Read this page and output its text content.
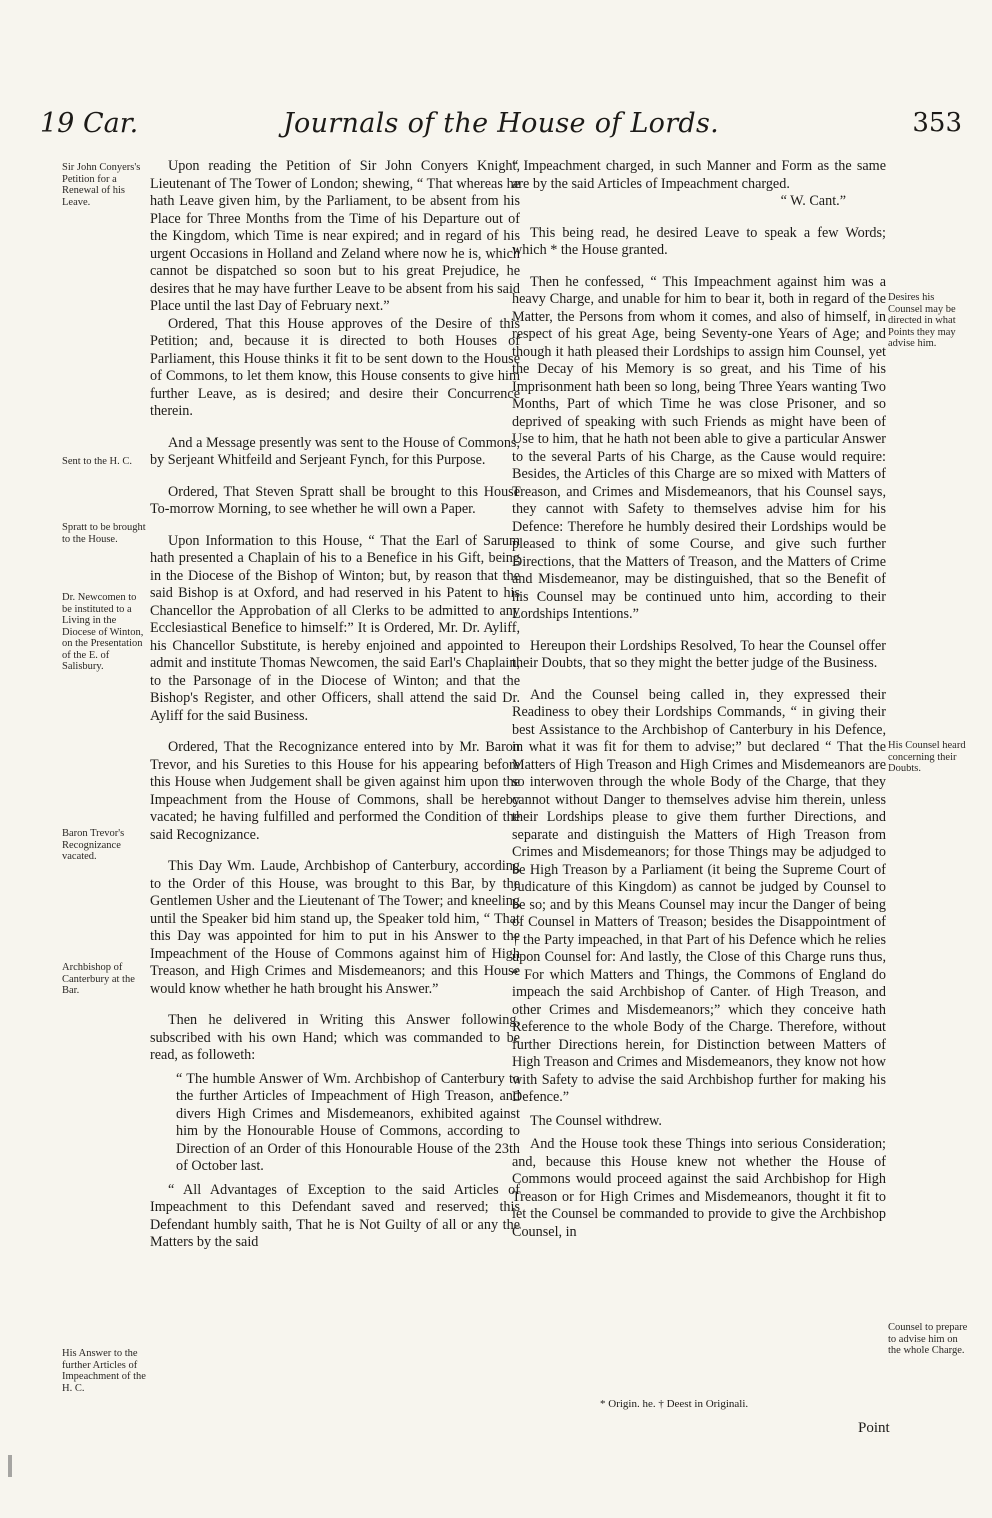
19 Car.	Journals of the House of Lords.	353
Sir John Conyers's Petition for a Renewal of his Leave.
Sent to the H. C.
Spratt to be brought to the House.
Dr. Newcomen to be instituted to a Living in the Diocese of Winton, on the Presentation of the E. of Salisbury.
Baron Trevor's Recognizance vacated.
Archbishop of Canterbury at the Bar.
His Answer to the further Articles of Impeachment of the H. C.
Desires his Counsel may be directed in what Points they may advise him.
His Counsel heard concerning their Doubts.
Counsel to prepare to advise him on the whole Charge.

Upon reading the Petition of Sir John Conyers Knight, Lieutenant of The Tower of London; shewing, “ That whereas he hath Leave given him, by the Parliament, to be absent from his Place for Three Months from the Time of his Departure out of the Kingdom, which Time is near expired; and in regard of his urgent Occasions in Holland and Zeland where now he is, which cannot be dispatched so soon but to his great Prejudice, he desires that he may have further Leave to be absent from his said Place until the last Day of February next.”

Ordered, That this House approves of the Desire of this Petition; and, because it is directed to both Houses of Parliament, this House thinks it fit to be sent down to the House of Commons, to let them know, this House consents to give him further Leave, as is desired; and desire their Concurrence therein.

And a Message presently was sent to the House of Commons, by Serjeant Whitfeild and Serjeant Fynch, for this Purpose.

Ordered, That Steven Spratt shall be brought to this House To-morrow Morning, to see whether he will own a Paper.

Upon Information to this House, “ That the Earl of Sarum hath presented a Chaplain of his to a Benefice in his Gift, being in the Diocese of the Bishop of Winton; but, by reason that the said Bishop is at Oxford, and had reserved in his Patent to his Chancellor the Approbation of all Clerks to be admitted to any Ecclesiastical Benefice to himself:” It is Ordered, Mr. Dr. Ayliff, his Chancellor Substitute, is hereby enjoined and appointed to admit and institute Thomas Newcomen, the said Earl's Chaplain, to the Parsonage of in the Diocese of Winton; and that the Bishop's Register, and other Officers, shall attend the said Dr. Ayliff for the said Business.

Ordered, That the Recognizance entered into by Mr. Baron Trevor, and his Sureties to this House for his appearing before this House when Judgement shall be given against him upon the Impeachment from the House of Commons, shall be hereby vacated; he having fulfilled and performed the Condition of the said Recognizance.

This Day Wm. Laude, Archbishop of Canterbury, according to the Order of this House, was brought to this Bar, by the Gentlemen Usher and the Lieutenant of The Tower; and kneeling until the Speaker bid him stand up, the Speaker told him, “ That this Day was appointed for him to put in his Answer to the Impeachment of the House of Commons against him of High Treason, and High Crimes and Misdemeanors; and this House would know whether he hath brought his Answer.”

Then he delivered in Writing this Answer following, subscribed with his own Hand; which was commanded to be read, as followeth:

“ The humble Answer of Wm. Archbishop of Canterbury to the further Articles of Impeachment of High Treason, and divers High Crimes and Misdemeanors, exhibited against him by the Honourable House of Commons, according to Direction of an Order of this Honourable House of the 23th of October last.

“ All Advantages of Exception to the said Articles of Impeachment to this Defendant saved and reserved; this Defendant humbly saith, That he is Not Guilty of all or any the Matters by the said

“ Impeachment charged, in such Manner and Form as the same are by the said Articles of Impeachment charged.

“ W. Cant.”

This being read, he desired Leave to speak a few Words; which * the House granted.

Then he confessed, “ This Impeachment against him was a heavy Charge, and unable for him to bear it, both in regard of the Matter, the Persons from whom it comes, and also of himself, in respect of his great Age, being Seventy-one Years of Age; and though it hath pleased their Lordships to assign him Counsel, yet the Decay of his Memory is so great, and his Time of his Imprisonment hath been so long, being Three Years wanting Two Months, Part of which Time he was close Prisoner, and so deprived of speaking with such Friends as might have been of Use to him, that he hath not been able to give a particular Answer to the several Parts of his Charge, as the Cause would require: Besides, the Articles of this Charge are so mixed with Matters of Treason, and Crimes and Misdemeanors, that his Counsel says, they cannot with Safety to themselves advise him for his Defence: Therefore he humbly desired their Lordships would be pleased to think of some Course, and give such further Directions, that the Matters of Treason, and the Matters of Crime and Misdemeanor, may be distinguished, that so the Benefit of his Counsel may be continued unto him, according to their Lordships Intentions.”

Hereupon their Lordships Resolved, To hear the Counsel offer their Doubts, that so they might the better judge of the Business.

And the Counsel being called in, they expressed their Readiness to obey their Lordships Commands, “ in giving their best Assistance to the Archbishop of Canterbury in his Defence, in what it was fit for them to advise;” but declared “ That the Matters of High Treason and High Crimes and Misdemeanors are so interwoven through the whole Body of the Charge, that they cannot without Danger to themselves advise him therein, unless their Lordships please to give them further Directions, and separate and distinguish the Matters of High Treason from Crimes and Misdemeanors; for those Things may be adjudged to be High Treason by a Parliament (it being the Supreme Court of Judicature of this Kingdom) as cannot be judged by Counsel to be so; and by this Means Counsel may incur the Danger of being of Counsel in Matters of Treason; besides the Disappointment of † the Party impeached, in that Part of his Defence which he relies upon Counsel for: And lastly, the Close of this Charge runs thus, “ For which Matters and Things, the Commons of England do impeach the said Archbishop of Canter. of High Treason, and other Crimes and Misdemeanors;” which they conceive hath Reference to the whole Body of the Charge. Therefore, without further Directions herein, for Distinction between Matters of High Treason and Crimes and Misdemeanors, they know not how with Safety to advise the said Archbishop further for making his Defence.”

The Counsel withdrew.

And the House took these Things into serious Consideration; and, because this House knew not whether the House of Commons would proceed against the said Archbishop for High Treason or for High Crimes and Misdemeanors, thought it fit to let the Counsel be commanded to provide to give the Archbishop Counsel, in

* Origin. he. † Deest in Originali.
Point
